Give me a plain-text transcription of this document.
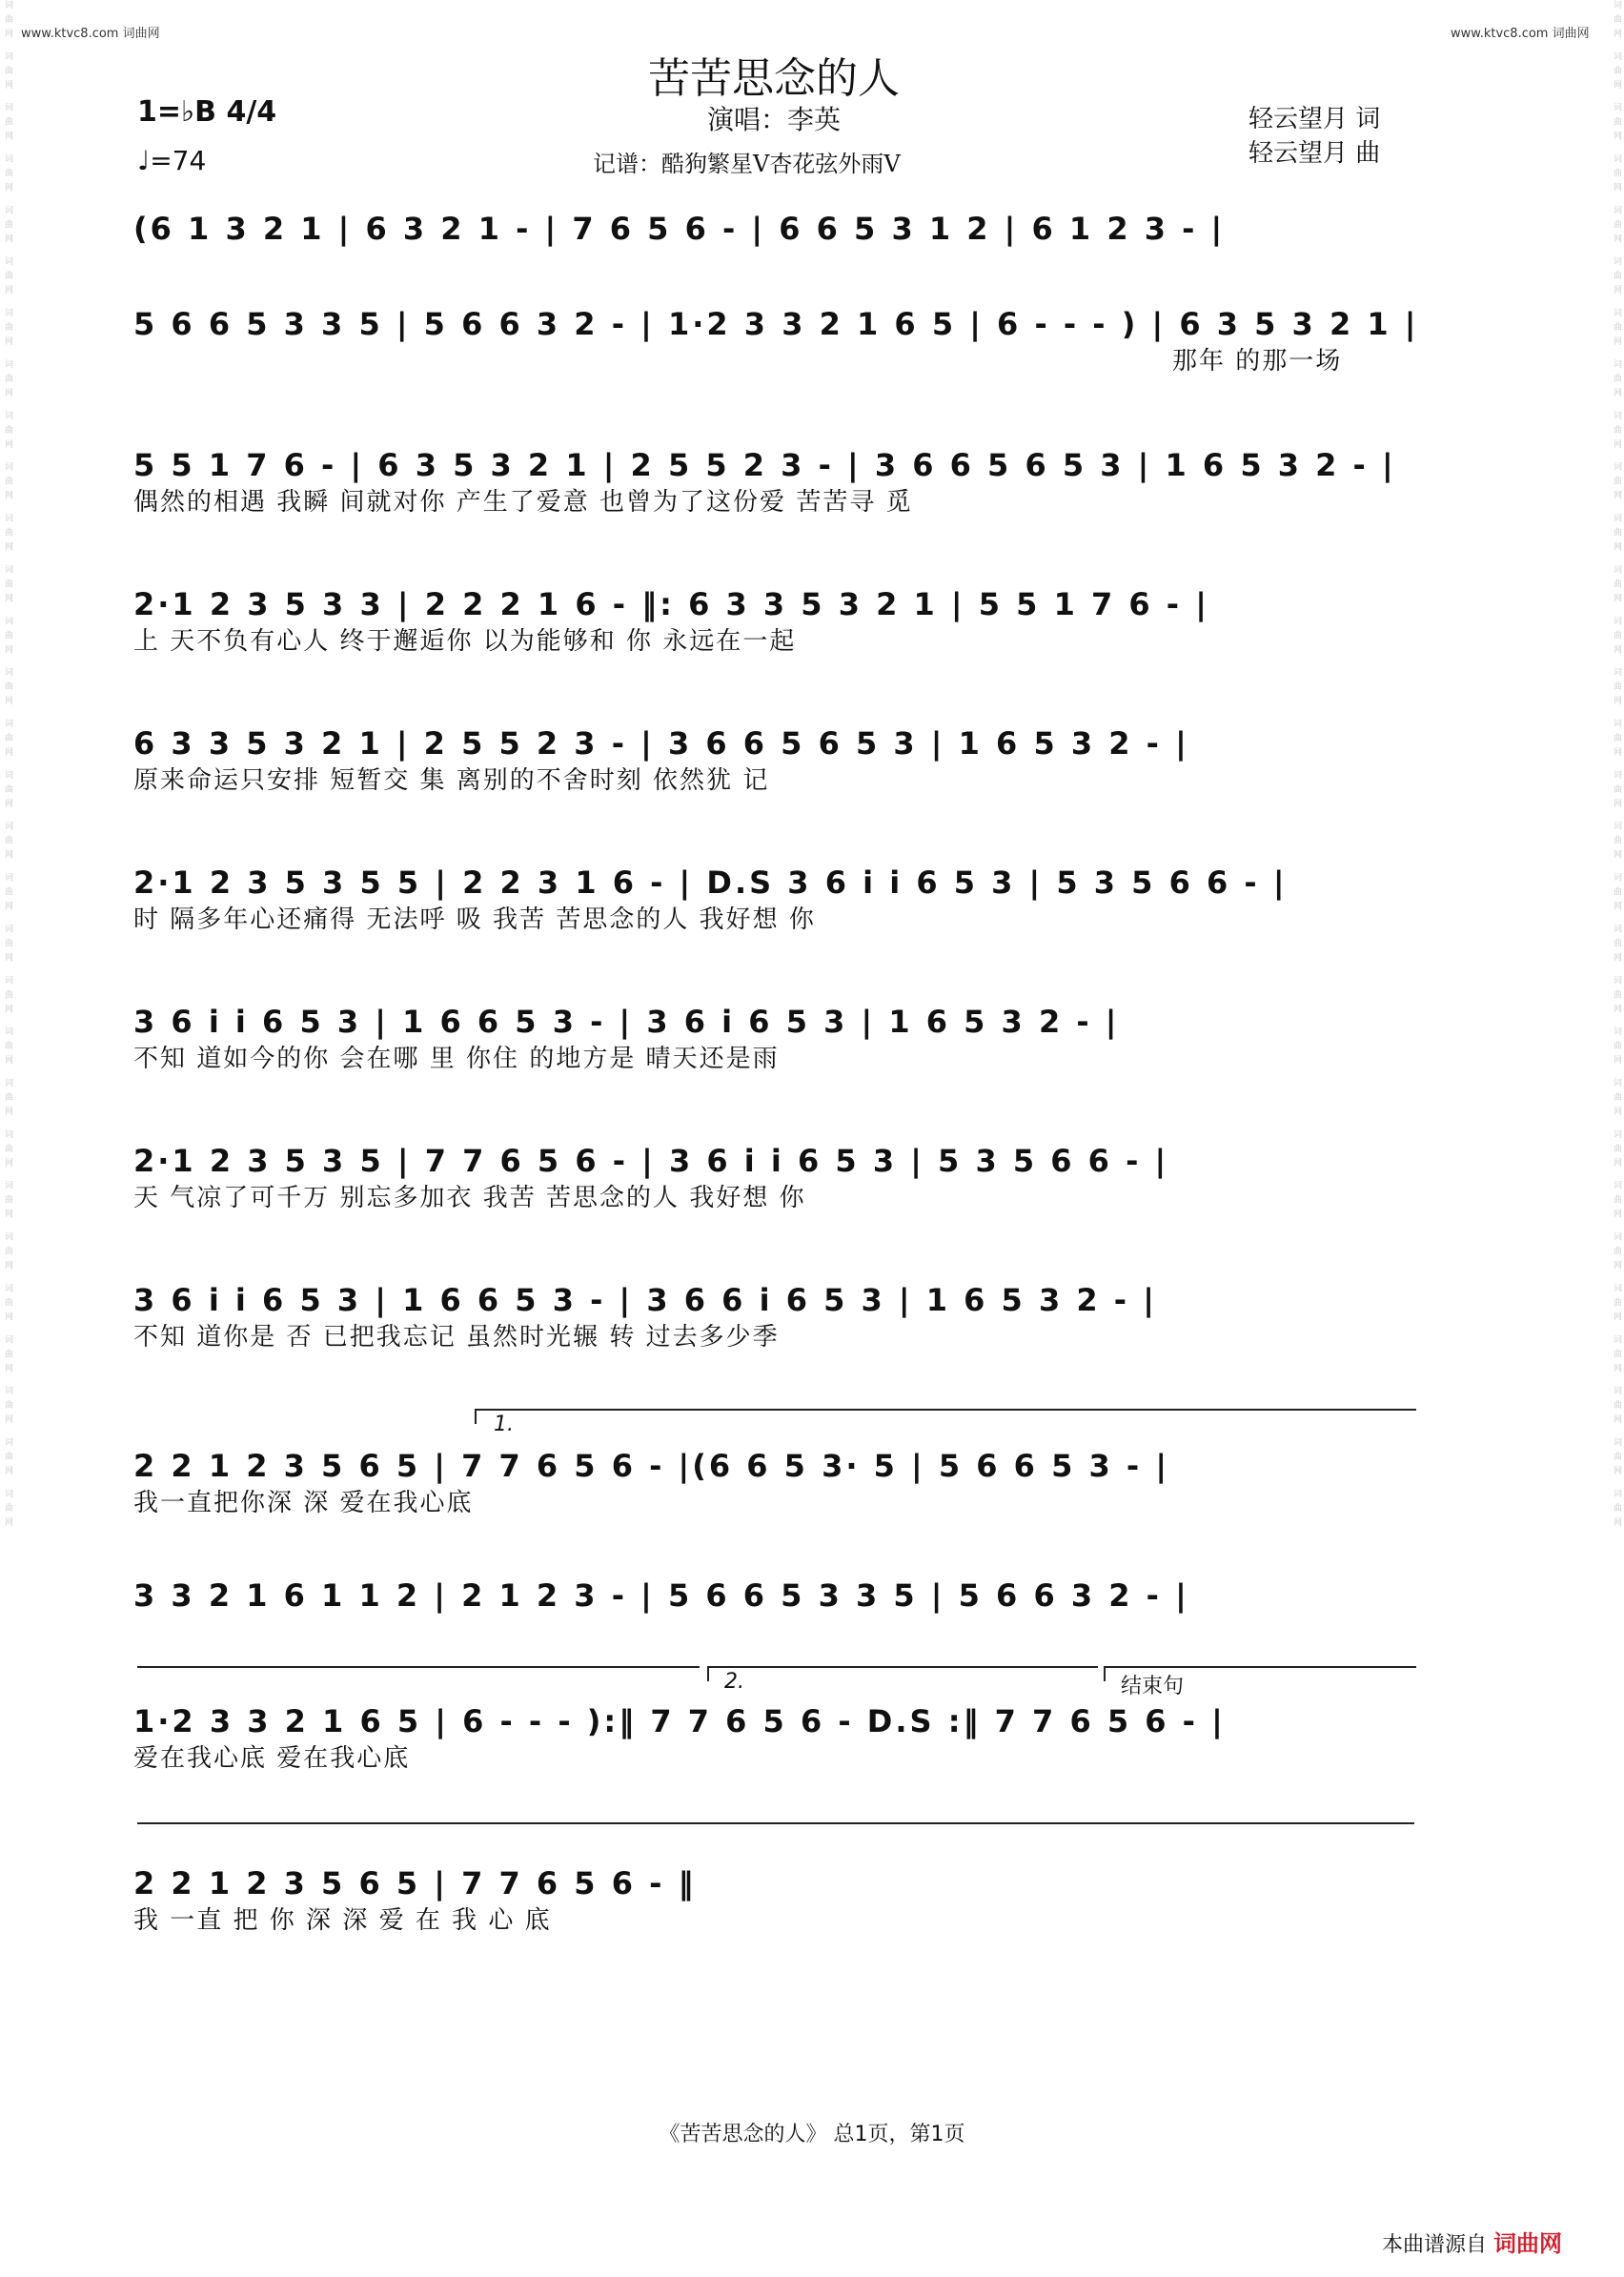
词曲网 词曲网 词曲网 词曲网 词曲网 词曲网 词曲网 词曲网 词曲网 词曲网 词曲网 词曲网 词曲网 词曲网 词曲网 词曲网 词曲网 词曲网 词曲网 词曲网 词曲网 词曲网 词曲网 词曲网 词曲网 词曲网 词曲网 词曲网 词曲网 词曲网	词曲网 词曲网 词曲网 词曲网 词曲网 词曲网 词曲网 词曲网 词曲网 词曲网 词曲网 词曲网 词曲网 词曲网 词曲网 词曲网 词曲网 词曲网 词曲网 词曲网 词曲网 词曲网 词曲网 词曲网 词曲网 词曲网 词曲网 词曲网 词曲网 词曲网
www.ktvc8.com 词曲网	www.ktvc8.com 词曲网
苦苦思念的人
演唱：李英
记谱：酷狗繁星V杏花弦外雨V
轻云望月 词
轻云望月 曲
1=♭B 4/4
♩=74
(6 1 3 2 1 | 6 3 2 1 - | 7 6 5 6 - | 6 6 5 3 1 2 | 6 1 2 3 - |
5 6 6 5 3 3 5 | 5 6 6 3 2 - | 1·2 3 3 2 1 6 5 | 6 - - - ) | 6 3 5 3 2 1 |
那年 的那一场
5 5 1 7 6 - | 6 3 5 3 2 1 | 2 5 5 2 3 - | 3 6 6 5 6 5 3 | 1 6 5 3 2 - |
偶然的相遇 我瞬 间就对你 产生了爱意 也曾为了这份爱 苦苦寻 觅
2·1 2 3 5 3 3 | 2 2 2 1 6 - ‖: 6 3 3 5 3 2 1 | 5 5 1 7 6 - |
上 天不负有心人 终于邂逅你 以为能够和 你 永远在一起
6 3 3 5 3 2 1 | 2 5 5 2 3 - | 3 6 6 5 6 5 3 | 1 6 5 3 2 - |
原来命运只安排 短暂交 集 离别的不舍时刻 依然犹 记
2·1 2 3 5 3 5 5 | 2 2 3 1 6 - | D.S 3 6 i i 6 5 3 | 5 3 5 6 6 - |
时 隔多年心还痛得 无法呼 吸 我苦 苦思念的人 我好想 你
3 6 i i 6 5 3 | 1 6 6 5 3 - | 3 6 i 6 5 3 | 1 6 5 3 2 - |
不知 道如今的你 会在哪 里 你住 的地方是 晴天还是雨
2·1 2 3 5 3 5 | 7 7 6 5 6 - | 3 6 i i 6 5 3 | 5 3 5 6 6 - |
天 气凉了可千万 别忘多加衣 我苦 苦思念的人 我好想 你
3 6 i i 6 5 3 | 1 6 6 5 3 - | 3 6 6 i 6 5 3 | 1 6 5 3 2 - |
不知 道你是 否 已把我忘记 虽然时光辗 转 过去多少季
1.
2 2 1 2 3 5 6 5 | 7 7 6 5 6 - |(6 6 5 3· 5 | 5 6 6 5 3 - |
我一直把你深 深 爱在我心底
3 3 2 1 6 1 1 2 | 2 1 2 3 - | 5 6 6 5 3 3 5 | 5 6 6 3 2 - |
2.	结束句
1·2 3 3 2 1 6 5 | 6 - - - ):‖ 7 7 6 5 6 - D.S :‖ 7 7 6 5 6 - |
爱在我心底 爱在我心底
2 2 1 2 3 5 6 5 | 7 7 6 5 6 - ‖
我 一直 把 你 深 深 爱 在 我 心 底
《苦苦思念的人》 总1页，第1页
本曲谱源自 词曲网
